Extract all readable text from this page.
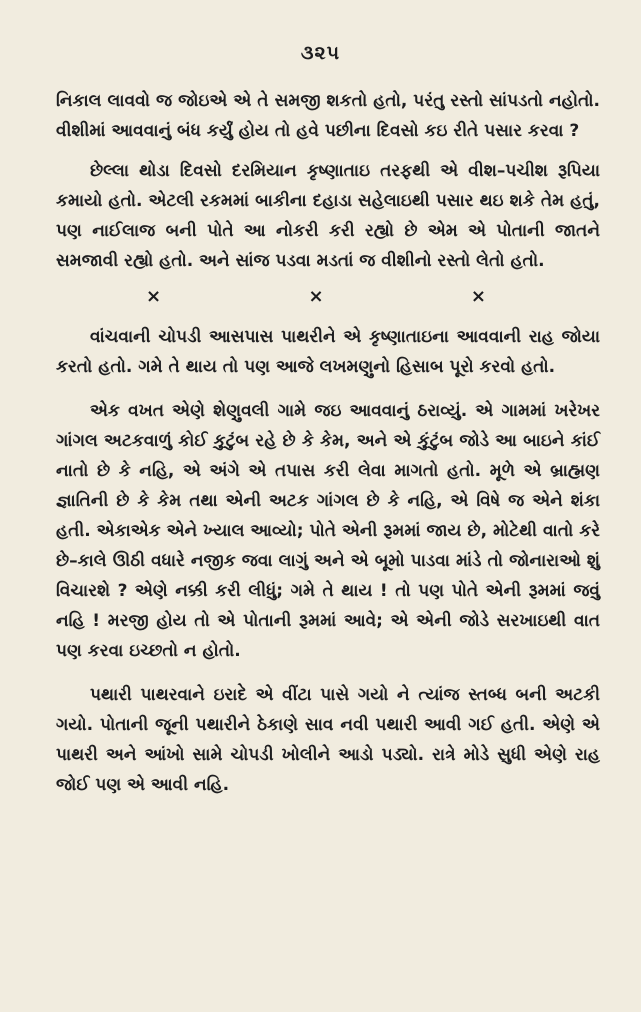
૩૨૫

નિકાલ લાવવો જ જોઇએ એ તે સમજી શકતો હતો, પરંતુ રસ્તો સાંપડતો નહોતો. વીશીમાં આવવાનું બંધ કર્યું હોય તો હવે પછીના દિવસો કઇ રીતે પસાર કરવા ?

છેલ્લા થોડા દિવસો દરમિયાન કૃષ્ણાતાઇ તરફથી એ વીશ–પચીશ રૂપિયા કમાયો હતો. એટલી રકમમાં બાકીના દહાડા સહેલાઇથી પસાર થઇ શકે તેમ હતું, પણ નાઈલાજ બની પોતે આ નોકરી કરી રહ્યો છે એમ એ પોતાની જાતને સમજાવી રહ્યો હતો. અને સાંજ પડવા મડતાં જ વીશીનો રસ્તો લેતો હતો.

×	×	×

વાંચવાની ચોપડી આસપાસ પાથરીને એ કૃષ્ણાતાઇના આવવાની રાહ જોયા કરતો હતો. ગમે તે થાય તો પણ આજે લખમણુનો હિસાબ પૂરો કરવો હતો.

એક વખત એણે શેણુવલી ગામે જઇ આવવાનું ઠરાવ્યું. એ ગામમાં ખરેખર ગાંગલ અટકવાળું કોઈ કુટુંબ રહે છે કે કેમ, અને એ કુંટુંબ જોડે આ બાઇને કાંઈ નાતો છે કે નહિ, એ અંગે એ તપાસ કરી લેવા માગતો હતો. મૂળે એ બ્રાહ્મણ જ્ઞાતિની છે કે કેમ તથા એની અટક ગાંગલ છે કે નહિ, એ વિષે જ એને શંકા હતી. એકાએક એને ખ્યાલ આવ્યો; પોતે એની રૂમમાં જાય છે, મોટેથી વાતો કરે છે–કાલે ઊઠી વધારે નજીક જવા લાગું અને એ બૂમો પાડવા માંડે તો જોનારાઓ શું વિચારશે ? એણે નક્કી કરી લીધું; ગમે તે થાય ! તો પણ પોતે એની રૂમમાં જવું નહિ ! મરજી હોય તો એ પોતાની રૂમમાં આવે; એ એની જોડે સરખાઇથી વાત પણ કરવા ઇચ્છતો ન હોતો.

પથારી પાથરવાને ઇરાદે એ વીંટા પાસે ગયો ને ત્યાંજ સ્તબ્ધ બની અટકી ગયો. પોતાની જૂની પથારીને ઠેકાણે સાવ નવી પથારી આવી ગઈ હતી. એણે એ પાથરી અને આંખો સામે ચોપડી ખોલીને આડો પડ્યો. રાત્રે મોડે સુધી એણે રાહ જોઈ પણ એ આવી નહિ.
